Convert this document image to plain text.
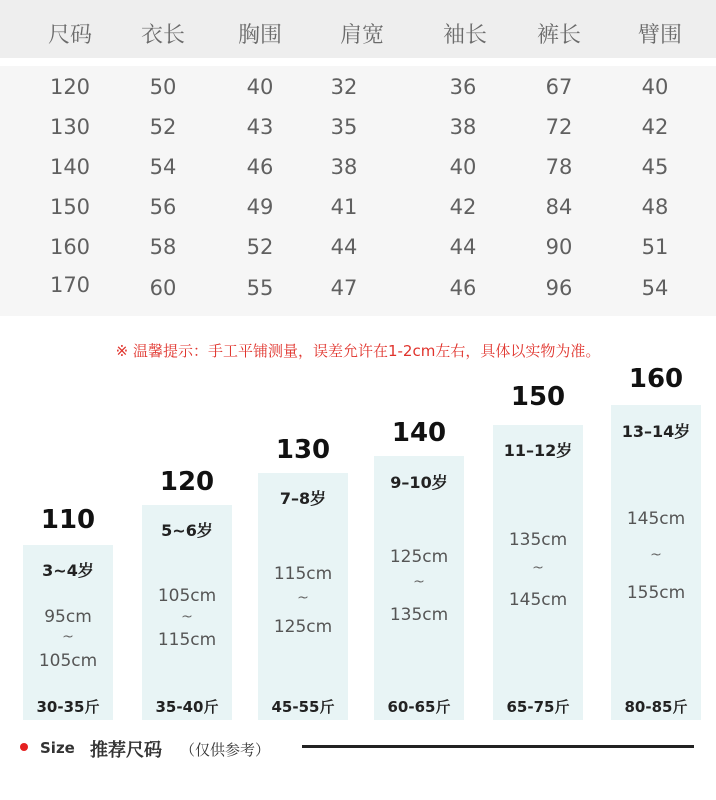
尺码	衣长	胸围	肩宽	袖长	裤长	臂围
120	50	40	32	36	67	40
130	52	43	35	38	72	42
140	54	46	38	40	78	45
150	56	49	41	42	84	48
160	58	52	44	44	90	51
170	60	55	47	46	96	54
※ 温馨提示：手工平铺测量，误差允许在1-2cm左右，具体以实物为准。
110
3~4岁
95cm
~
105cm
30-35斤
120
5~6岁
105cm
~
115cm
35-40斤
130
7–8岁
115cm
~
125cm
45-55斤
140
9–10岁
125cm
~
135cm
60-65斤
150
11–12岁
135cm
~
145cm
65-75斤
160
13–14岁
145cm
~
155cm
80-85斤
Size 推荐尺码 （仅供参考）
